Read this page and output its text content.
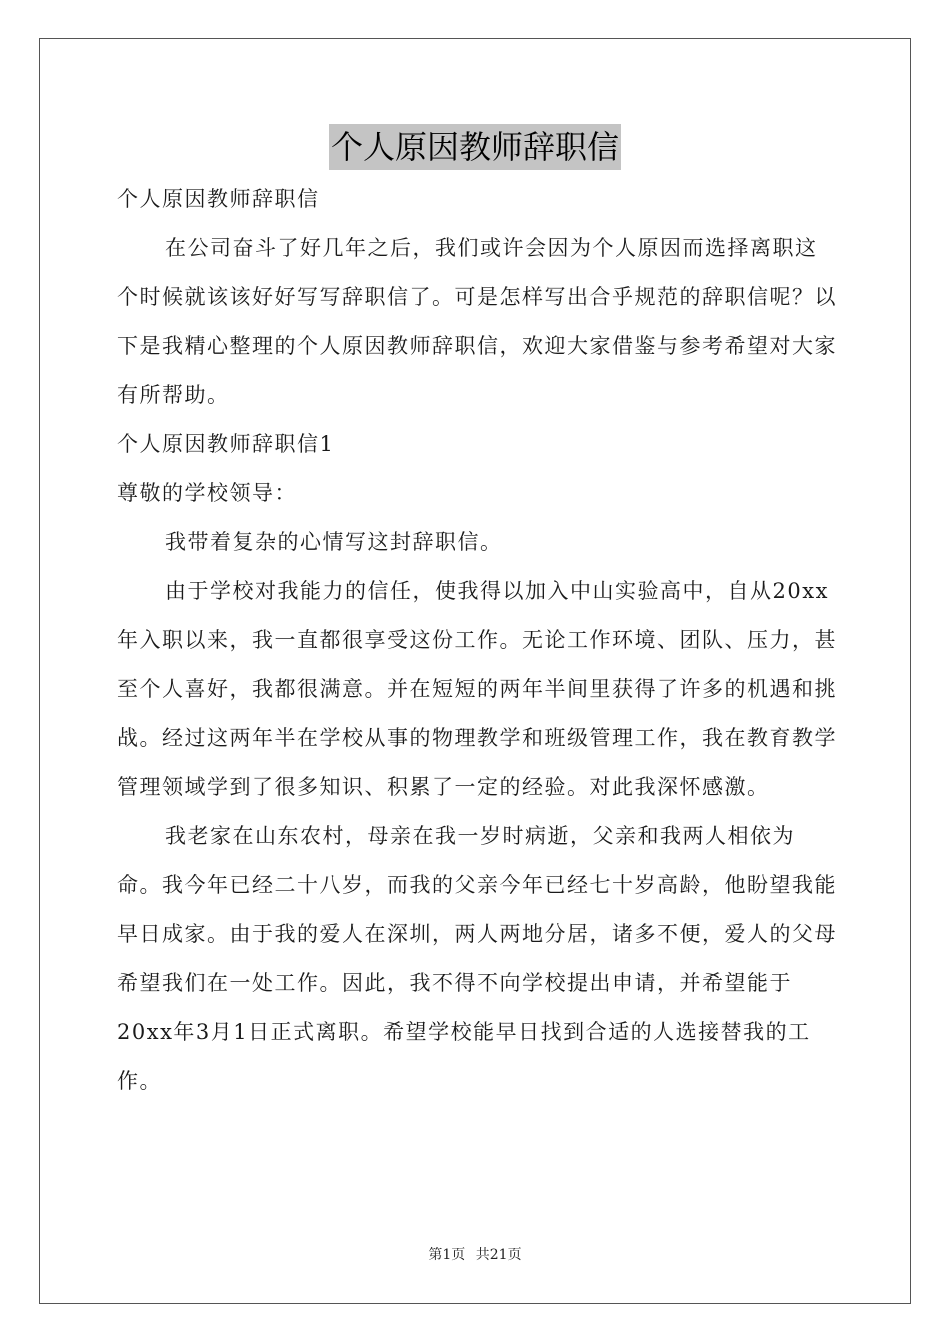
个人原因教师辞职信

个人原因教师辞职信

在公司奋斗了好几年之后，我们或许会因为个人原因而选择离职这个时候就该该好好写写辞职信了。可是怎样写出合乎规范的辞职信呢？以下是我精心整理的个人原因教师辞职信，欢迎大家借鉴与参考希望对大家有所帮助。

个人原因教师辞职信1

尊敬的学校领导：

我带着复杂的心情写这封辞职信。

由于学校对我能力的信任，使我得以加入中山实验高中，自从20xx年入职以来，我一直都很享受这份工作。无论工作环境、团队、压力，甚至个人喜好，我都很满意。并在短短的两年半间里获得了许多的机遇和挑战。经过这两年半在学校从事的物理教学和班级管理工作，我在教育教学管理领域学到了很多知识、积累了一定的经验。对此我深怀感激。

我老家在山东农村，母亲在我一岁时病逝，父亲和我两人相依为命。我今年已经二十八岁，而我的父亲今年已经七十岁高龄，他盼望我能早日成家。由于我的爱人在深圳，两人两地分居，诸多不便，爱人的父母希望我们在一处工作。因此，我不得不向学校提出申请，并希望能于20xx年3月1日正式离职。希望学校能早日找到合适的人选接替我的工作。

第1页 共21页
